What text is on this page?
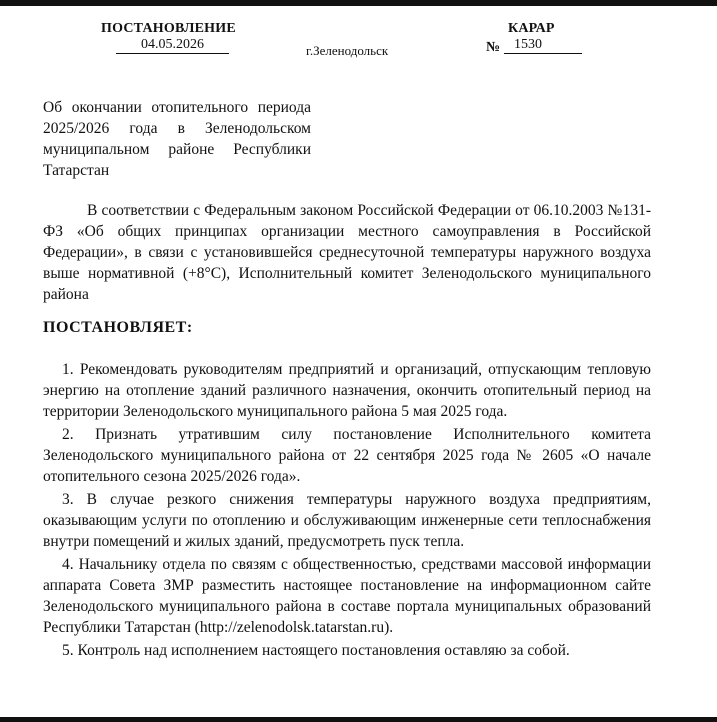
ПОСТАНОВЛЕНИЕ	КАРАР
04.05.2026	г.Зеленодольск	№ 1530
Об окончании отопительного периода 2025/2026 года в Зеленодольском муниципальном районе Республики Татарстан
В соответствии с Федеральным законом Российской Федерации от 06.10.2003 №131-ФЗ «Об общих принципах организации местного самоуправления в Российской Федерации», в связи с установившейся среднесуточной температуры наружного воздуха выше нормативной (+8°С), Исполнительный комитет Зеленодольского муниципального района
ПОСТАНОВЛЯЕТ:

1. Рекомендовать руководителям предприятий и организаций, отпускающим тепловую энергию на отопление зданий различного назначения, окончить отопительный период на территории Зеленодольского муниципального района 5 мая 2025 года.

2. Признать утратившим силу постановление Исполнительного комитета Зеленодольского муниципального района от 22 сентября 2025 года № 2605 «О начале отопительного сезона 2025/2026 года».

3. В случае резкого снижения температуры наружного воздуха предприятиям, оказывающим услуги по отоплению и обслуживающим инженерные сети теплоснабжения внутри помещений и жилых зданий, предусмотреть пуск тепла.

4. Начальнику отдела по связям с общественностью, средствами массовой информации аппарата Совета ЗМР разместить настоящее постановление на информационном сайте Зеленодольского муниципального района в составе портала муниципальных образований Республики Татарстан (http://zelenodolsk.tatarstan.ru).

5. Контроль над исполнением настоящего постановления оставляю за собой.
